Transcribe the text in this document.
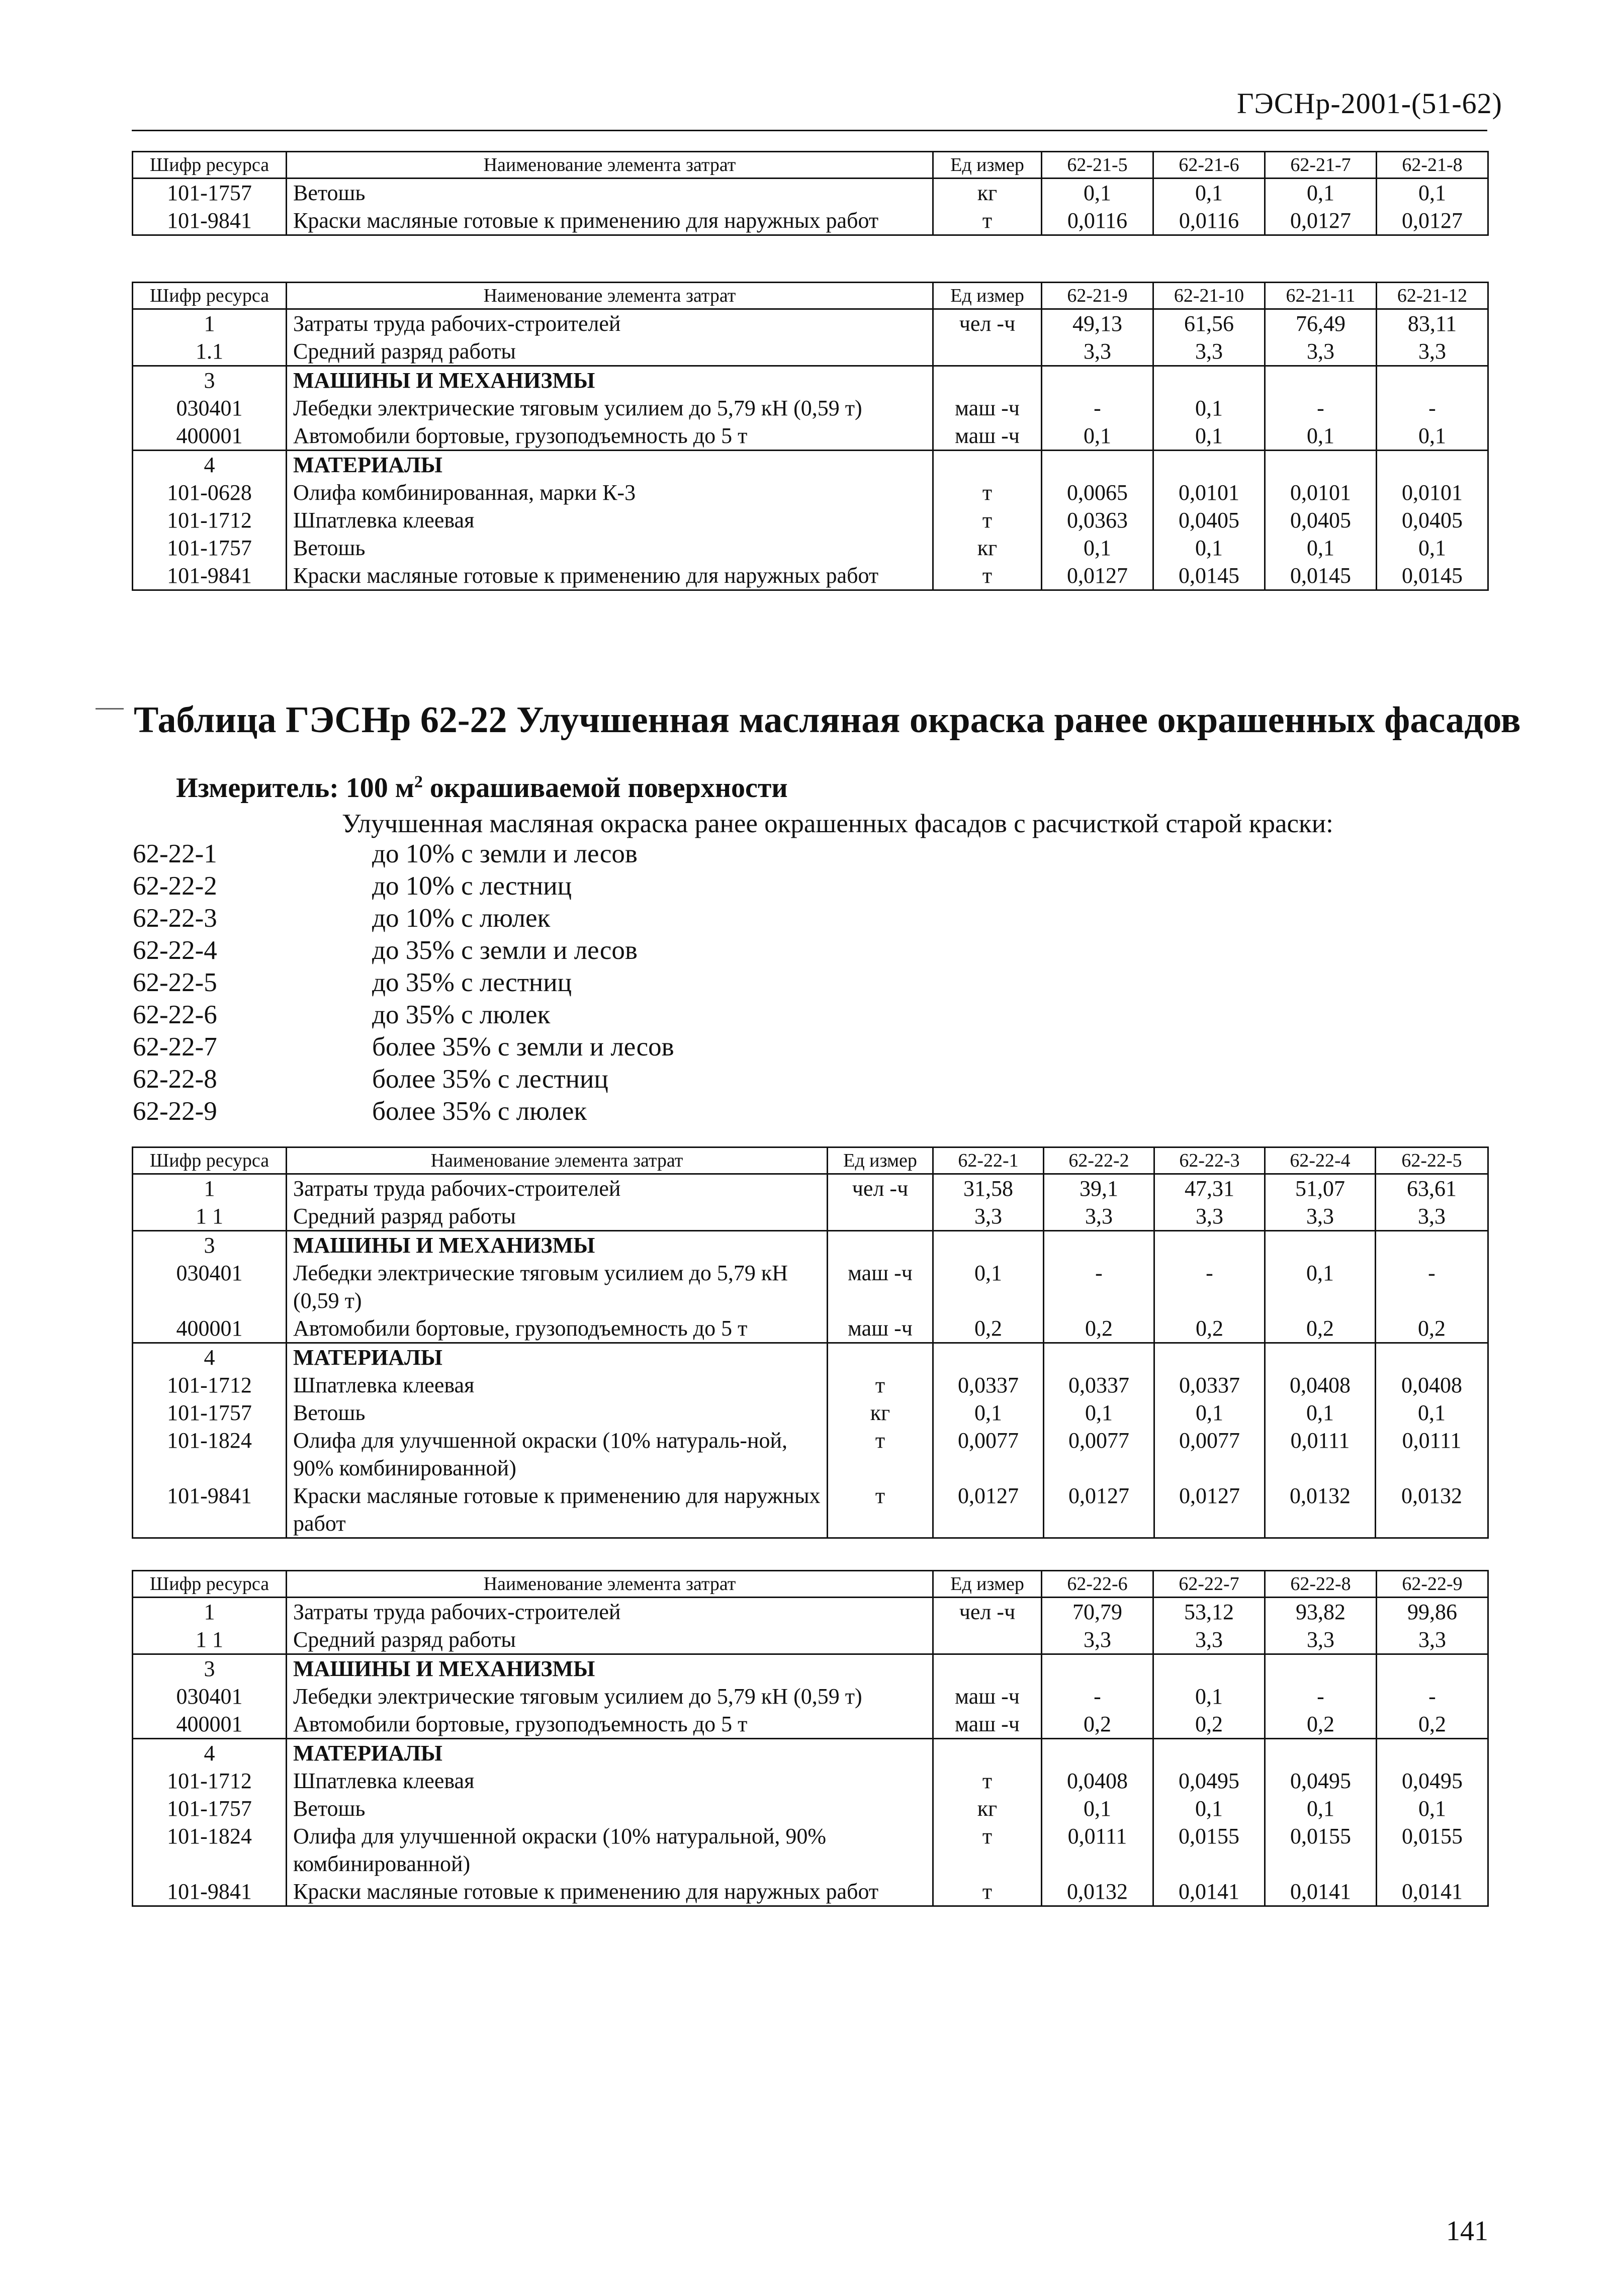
ГЭСНр-2001-(51-62)
Шифр ресурса	Наименование элемента затрат	Ед измер	62-21-5	62-21-6	62-21-7	62-21-8
101-1757	Ветошь	кг	0,1	0,1	0,1	0,1
101-9841	Краски масляные готовые к применению для наружных работ	т	0,0116	0,0116	0,0127	0,0127
Шифр ресурса	Наименование элемента затрат	Ед измер	62-21-9	62-21-10	62-21-11	62-21-12
1	Затраты труда рабочих-строителей	чел -ч	49,13	61,56	76,49	83,11
1.1	Средний разряд работы		3,3	3,3	3,3	3,3
3	МАШИНЫ И МЕХАНИЗМЫ					
030401	Лебедки электрические тяговым усилием до 5,79 кН (0,59 т)	маш -ч	-	0,1	-	-
400001	Автомобили бортовые, грузоподъемность до 5 т	маш -ч	0,1	0,1	0,1	0,1
4	МАТЕРИАЛЫ					
101-0628	Олифа комбинированная, марки К-3	т	0,0065	0,0101	0,0101	0,0101
101-1712	Шпатлевка клеевая	т	0,0363	0,0405	0,0405	0,0405
101-1757	Ветошь	кг	0,1	0,1	0,1	0,1
101-9841	Краски масляные готовые к применению для наружных работ	т	0,0127	0,0145	0,0145	0,0145
Таблица ГЭСНр 62-22 Улучшенная масляная окраска ранее окрашенных фасадов
Измеритель: 100 $м^2$ окрашиваемой поверхности
Улучшенная масляная окраска ранее окрашенных фасадов с расчисткой старой краски:
62-22-1	до 10% с земли и лесов
62-22-2	до 10% с лестниц
62-22-3	до 10% с люлек
62-22-4	до 35% с земли и лесов
62-22-5	до 35% с лестниц
62-22-6	до 35% с люлек
62-22-7	более 35% с земли и лесов
62-22-8	более 35% с лестниц
62-22-9	более 35% с люлек
Шифр ресурса	Наименование элемента затрат	Ед измер	62-22-1	62-22-2	62-22-3	62-22-4	62-22-5
1	Затраты труда рабочих-строителей	чел -ч	31,58	39,1	47,31	51,07	63,61
1 1	Средний разряд работы		3,3	3,3	3,3	3,3	3,3
3	МАШИНЫ И МЕХАНИЗМЫ						
030401	Лебедки электрические тяговым усилием до 5,79 кН (0,59 т)	маш -ч	0,1	-	-	0,1	-
400001	Автомобили бортовые, грузоподъемность до 5 т	маш -ч	0,2	0,2	0,2	0,2	0,2
4	МАТЕРИАЛЫ						
101-1712	Шпатлевка клеевая	т	0,0337	0,0337	0,0337	0,0408	0,0408
101-1757	Ветошь	кг	0,1	0,1	0,1	0,1	0,1
101-1824	Олифа для улучшенной окраски (10% натураль-ной, 90% комбинированной)	т	0,0077	0,0077	0,0077	0,0111	0,0111
101-9841	Краски масляные готовые к применению для наружных работ	т	0,0127	0,0127	0,0127	0,0132	0,0132
Шифр ресурса	Наименование элемента затрат	Ед измер	62-22-6	62-22-7	62-22-8	62-22-9
1	Затраты труда рабочих-строителей	чел -ч	70,79	53,12	93,82	99,86
1 1	Средний разряд работы		3,3	3,3	3,3	3,3
3	МАШИНЫ И МЕХАНИЗМЫ					
030401	Лебедки электрические тяговым усилием до 5,79 кН (0,59 т)	маш -ч	-	0,1	-	-
400001	Автомобили бортовые, грузоподъемность до 5 т	маш -ч	0,2	0,2	0,2	0,2
4	МАТЕРИАЛЫ					
101-1712	Шпатлевка клеевая	т	0,0408	0,0495	0,0495	0,0495
101-1757	Ветошь	кг	0,1	0,1	0,1	0,1
101-1824	Олифа для улучшенной окраски (10% натуральной, 90% комбинированной)	т	0,0111	0,0155	0,0155	0,0155
101-9841	Краски масляные готовые к применению для наружных работ	т	0,0132	0,0141	0,0141	0,0141
141
